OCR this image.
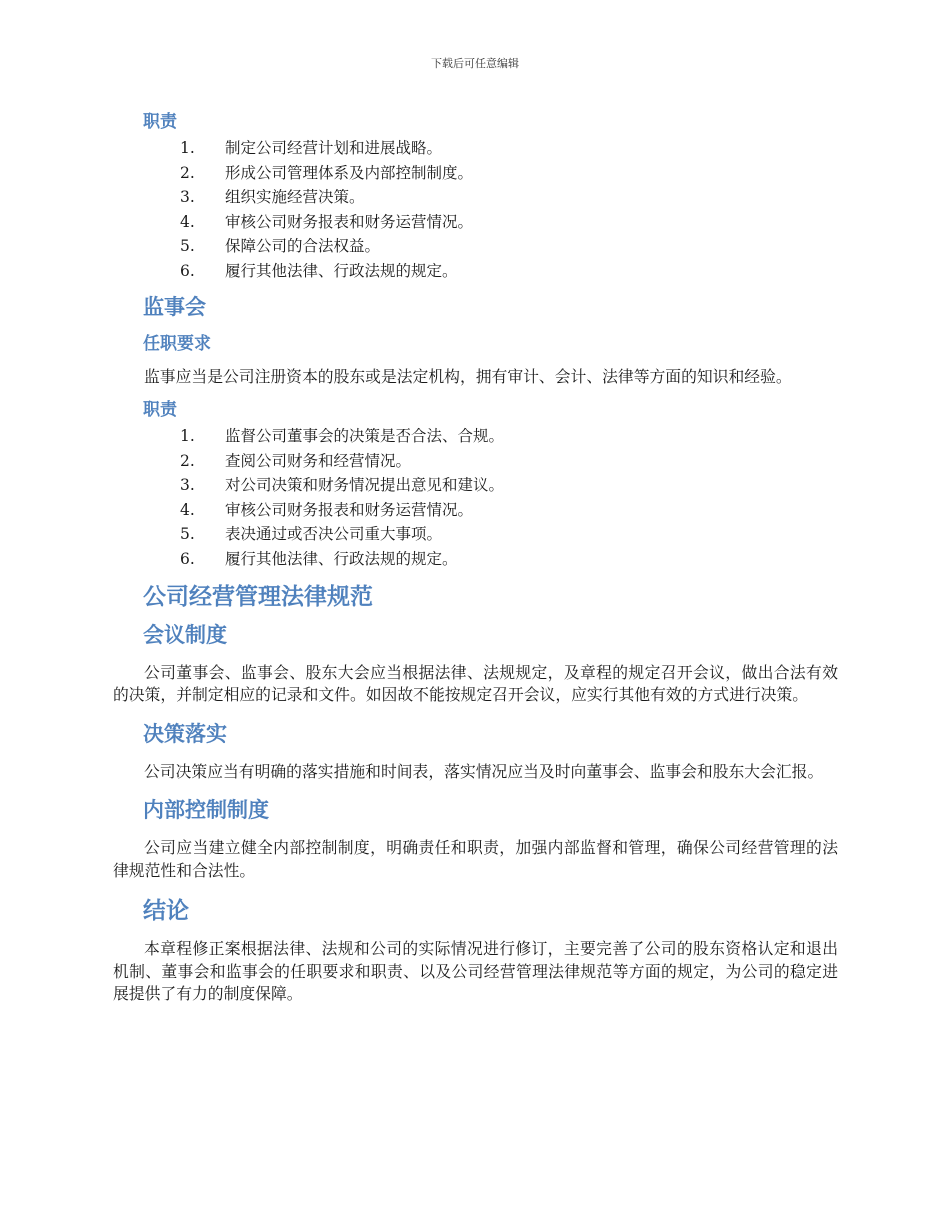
下载后可任意编辑
职责
1.	制定公司经营计划和进展战略。
2.	形成公司管理体系及内部控制制度。
3.	组织实施经营决策。
4.	审核公司财务报表和财务运营情况。
5.	保障公司的合法权益。
6.	履行其他法律、行政法规的规定。
监事会
任职要求

监事应当是公司注册资本的股东或是法定机构，拥有审计、会计、法律等方面的知识和经验。

职责
1.	监督公司董事会的决策是否合法、合规。
2.	查阅公司财务和经营情况。
3.	对公司决策和财务情况提出意见和建议。
4.	审核公司财务报表和财务运营情况。
5.	表决通过或否决公司重大事项。
6.	履行其他法律、行政法规的规定。
公司经营管理法律规范
会议制度

公司董事会、监事会、股东大会应当根据法律、法规规定，及章程的规定召开会议，做出合法有效的决策，并制定相应的记录和文件。如因故不能按规定召开会议，应实行其他有效的方式进行决策。

决策落实

公司决策应当有明确的落实措施和时间表，落实情况应当及时向董事会、监事会和股东大会汇报。

内部控制制度

公司应当建立健全内部控制制度，明确责任和职责，加强内部监督和管理，确保公司经营管理的法律规范性和合法性。

结论

本章程修正案根据法律、法规和公司的实际情况进行修订，主要完善了公司的股东资格认定和退出机制、董事会和监事会的任职要求和职责、以及公司经营管理法律规范等方面的规定，为公司的稳定进展提供了有力的制度保障。
